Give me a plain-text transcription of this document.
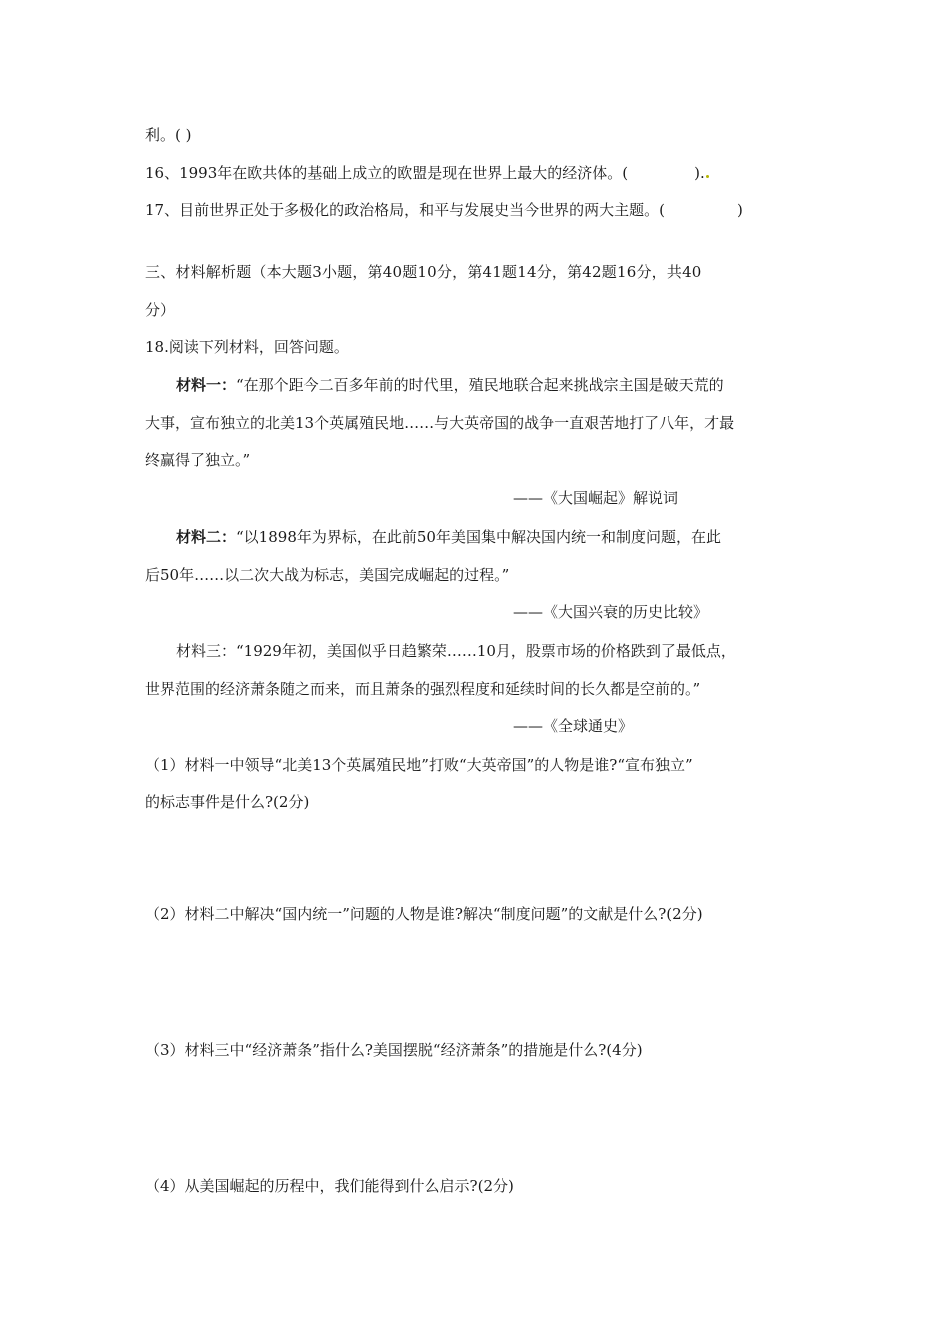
利。( )
16、1993年在欧共体的基础上成立的欧盟是现在世界上最大的经济体。(	).
17、目前世界正处于多极化的政治格局，和平与发展史当今世界的两大主题。(	)
三、材料解析题（本大题3小题，第40题10分，第41题14分，第42题16分，共40
分）
18.阅读下列材料，回答问题。
材料一：“在那个距今二百多年前的时代里，殖民地联合起来挑战宗主国是破天荒的
大事，宣布独立的北美13个英属殖民地……与大英帝国的战争一直艰苦地打了八年，才最
终赢得了独立。”
——《大国崛起》解说词
材料二：“以1898年为界标，在此前50年美国集中解决国内统一和制度问题，在此
后50年……以二次大战为标志，美国完成崛起的过程。”
——《大国兴衰的历史比较》
材料三：“1929年初，美国似乎日趋繁荣……10月，股票市场的价格跌到了最低点，
世界范围的经济萧条随之而来，而且萧条的强烈程度和延续时间的长久都是空前的。”
——《全球通史》
（1）材料一中领导“北美13个英属殖民地”打败“大英帝国”的人物是谁?“宣布独立”
的标志事件是什么?(2分)
（2）材料二中解决“国内统一”问题的人物是谁?解决“制度问题”的文献是什么?(2分)
（3）材料三中“经济萧条”指什么?美国摆脱“经济萧条”的措施是什么?(4分)
（4）从美国崛起的历程中，我们能得到什么启示?(2分)
